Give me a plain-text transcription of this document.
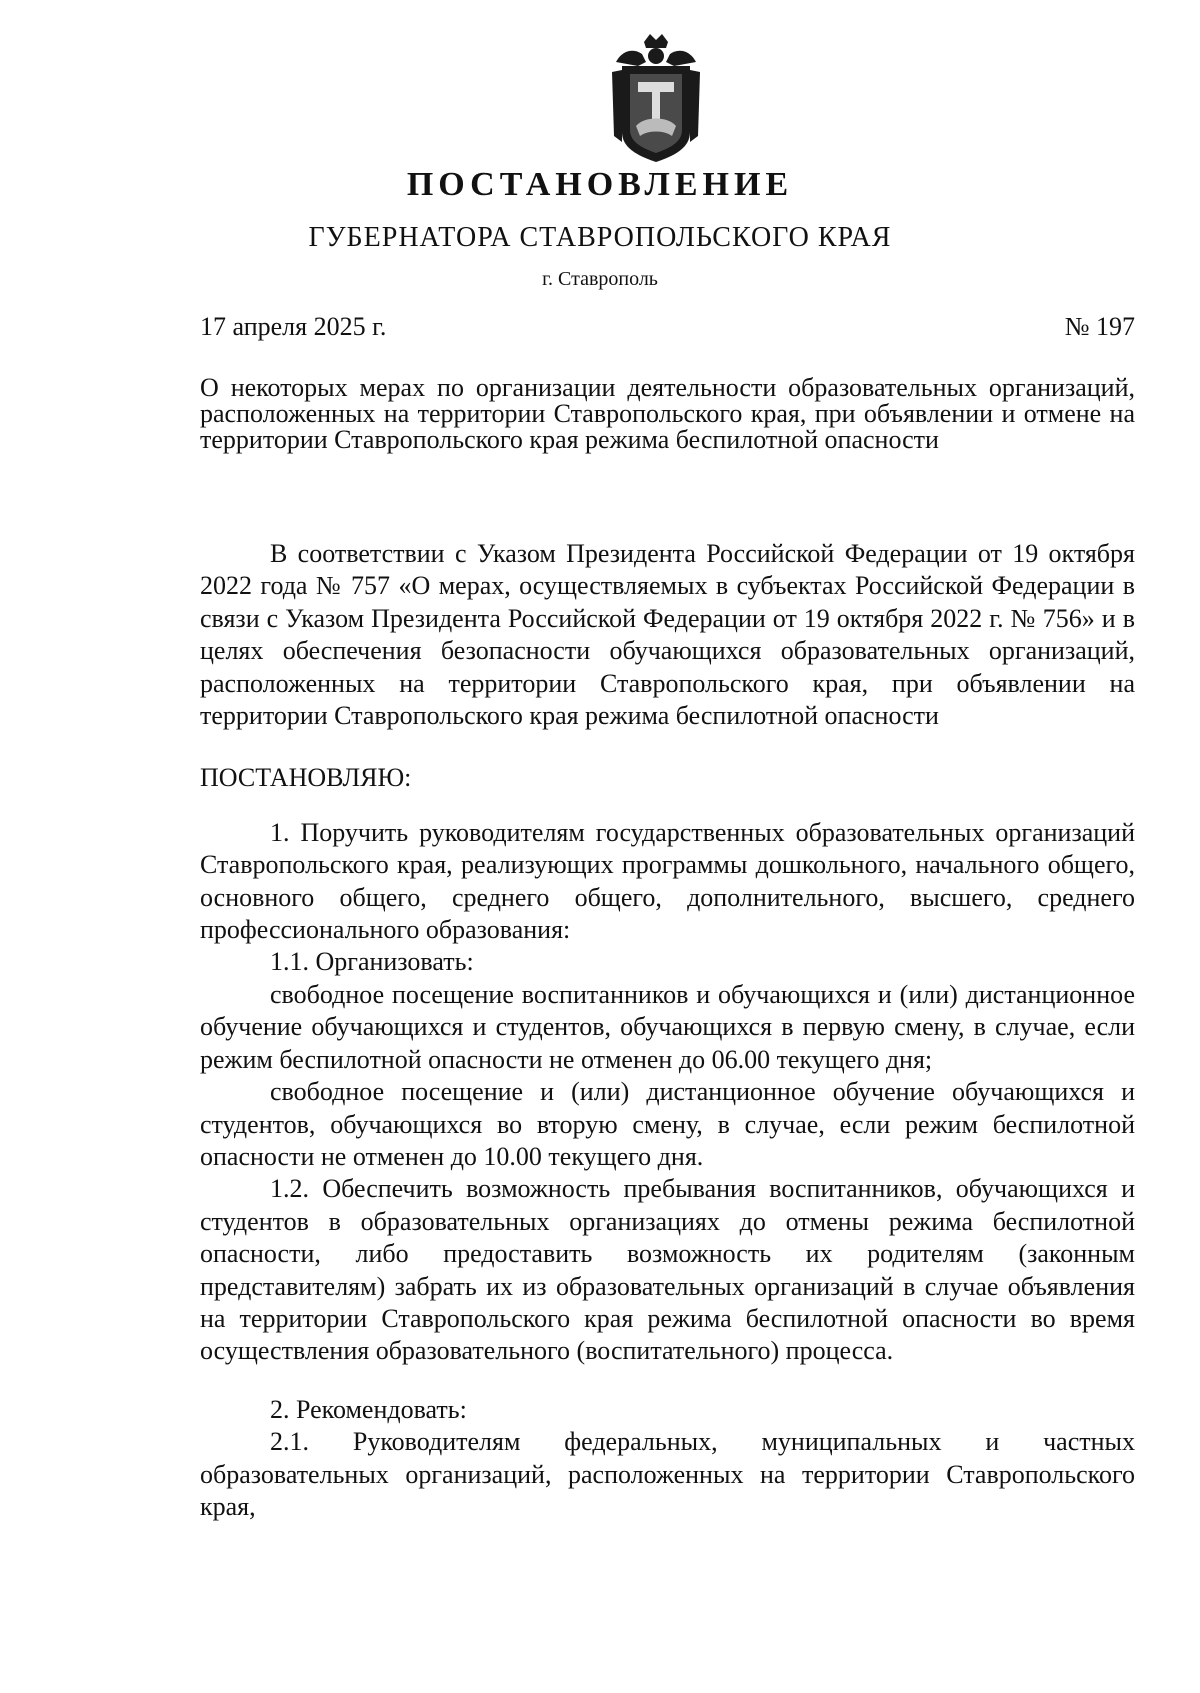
ПОСТАНОВЛЕНИЕ
ГУБЕРНАТОРА СТАВРОПОЛЬСКОГО КРАЯ
г. Ставрополь
17 апреля 2025 г.	№ 197
О некоторых мерах по организации деятельности образовательных организаций, расположенных на территории Ставропольского края, при объявлении и отмене на территории Ставропольского края режима беспилотной опасности

В соответствии с Указом Президента Российской Федерации от 19 октября 2022 года № 757 «О мерах, осуществляемых в субъектах Российской Федерации в связи с Указом Президента Российской Федерации от 19 октября 2022 г. № 756» и в целях обеспечения безопасности обучающихся образовательных организаций, расположенных на территории Ставропольского края, при объявлении на территории Ставропольского края режима беспилотной опасности

ПОСТАНОВЛЯЮ:

1. Поручить руководителям государственных образовательных организаций Ставропольского края, реализующих программы дошкольного, начального общего, основного общего, среднего общего, дополнительного, высшего, среднего профессионального образования:

1.1. Организовать:

свободное посещение воспитанников и обучающихся и (или) дистанционное обучение обучающихся и студентов, обучающихся в первую смену, в случае, если режим беспилотной опасности не отменен до 06.00 текущего дня;

свободное посещение и (или) дистанционное обучение обучающихся и студентов, обучающихся во вторую смену, в случае, если режим беспилотной опасности не отменен до 10.00 текущего дня.

1.2. Обеспечить возможность пребывания воспитанников, обучающихся и студентов в образовательных организациях до отмены режима беспилотной опасности, либо предоставить возможность их родителям (законным представителям) забрать их из образовательных организаций в случае объявления на территории Ставропольского края режима беспилотной опасности во время осуществления образовательного (воспитательного) процесса.

2. Рекомендовать:

2.1. Руководителям федеральных, муниципальных и частных образовательных организаций, расположенных на территории Ставропольского края,
